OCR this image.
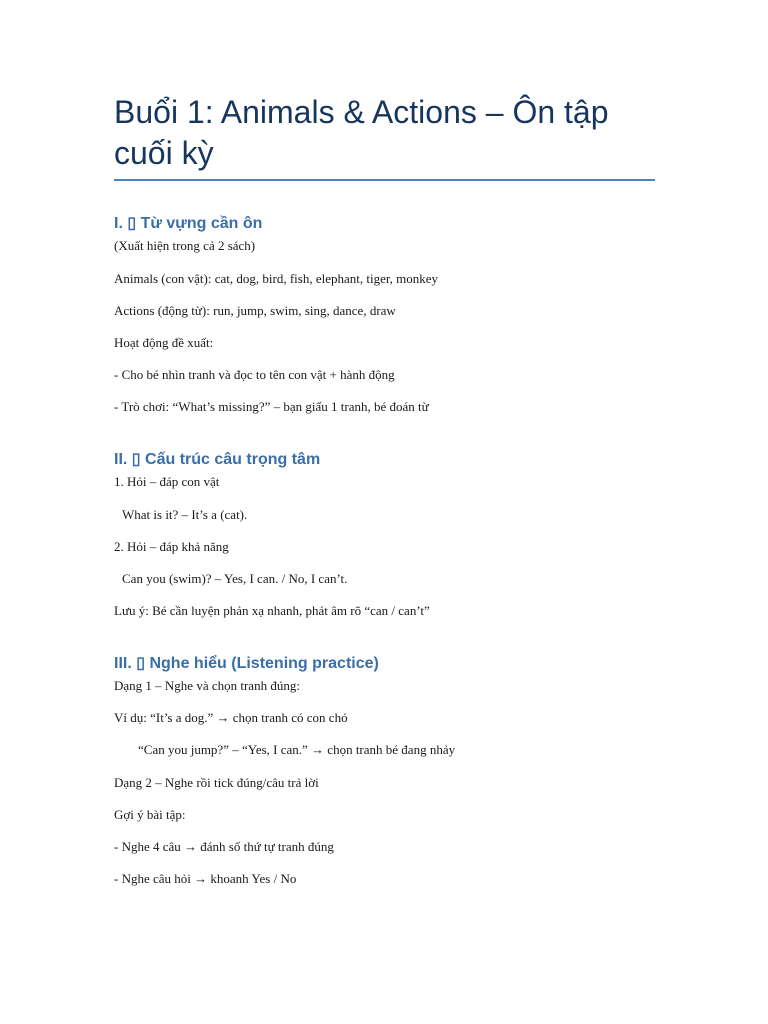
Buổi 1: Animals & Actions – Ôn tập cuối kỳ
I. ▯ Từ vựng cần ôn
(Xuất hiện trong cả 2 sách)
Animals (con vật): cat, dog, bird, fish, elephant, tiger, monkey
Actions (động từ): run, jump, swim, sing, dance, draw
Hoạt động đề xuất:
- Cho bé nhìn tranh và đọc to tên con vật + hành động
- Trò chơi: “What’s missing?” – bạn giấu 1 tranh, bé đoán từ
II. ▯ Cấu trúc câu trọng tâm
1. Hỏi – đáp con vật
What is it? – It’s a (cat).
2. Hỏi – đáp khả năng
Can you (swim)? – Yes, I can. / No, I can’t.
Lưu ý: Bé cần luyện phản xạ nhanh, phát âm rõ “can / can’t”
III. ▯ Nghe hiểu (Listening practice)
Dạng 1 – Nghe và chọn tranh đúng:
Ví dụ: “It’s a dog.” → chọn tranh có con chó
“Can you jump?” – “Yes, I can.” → chọn tranh bé đang nhảy
Dạng 2 – Nghe rồi tick đúng/câu trả lời
Gợi ý bài tập:
- Nghe 4 câu → đánh số thứ tự tranh đúng
- Nghe câu hỏi → khoanh Yes / No
